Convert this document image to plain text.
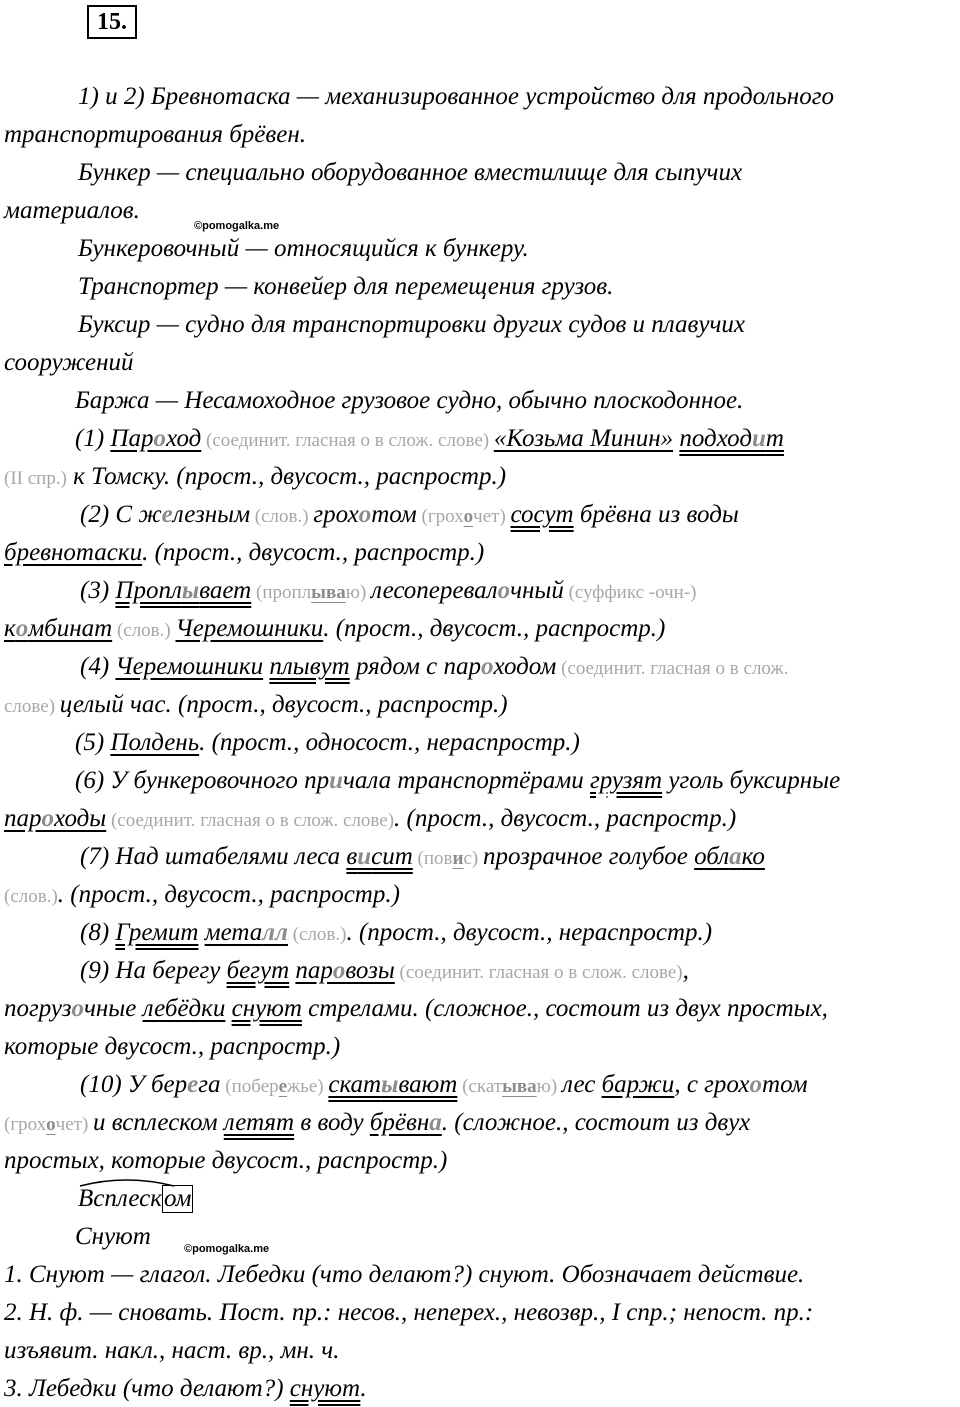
15.
1) и 2) Бревнотаска — механизированное устройство для продольного
транспортирования брёвен.
Бункер — специально оборудованное вместилище для сыпучих
материалов.
©pomogalka.me
Бункеровочный — относящийся к бункеру.
Транспортер — конвейер для перемещения грузов.
Буксир — судно для транспортировки других судов и плавучих
сооружений
Баржа — Несамоходное грузовое судно, обычно плоскодонное.
(1) Пароход (соединит. гласная о в слож. слове) «Козьма Минин» подходит
(II спр.) к Томску. (прост., двусост., распростр.)
(2) С железным (слов.) грохотом (грохочет) сосут брёвна из воды
бревнотаски. (прост., двусост., распростр.)
(3) Проплывает (проплываю) лесоперевалочный (суффикс -очн-)
комбинат (слов.) Черемошники. (прост., двусост., распростр.)
(4) Черемошники плывут рядом с пароходом (соединит. гласная о в слож.
слове) целый час. (прост., двусост., распростр.)
(5) Полдень. (прост., односост., нераспростр.)
(6) У бункеровочного причала транспортёрами грузят уголь буксирные
пароходы (соединит. гласная о в слож. слове). (прост., двусост., распростр.)
(7) Над штабелями леса висит (повис) прозрачное голубое облако
(слов.). (прост., двусост., распростр.)
(8) Гремит металл (слов.). (прост., двусост., нераспростр.)
(9) На берегу бегут паровозы (соединит. гласная о в слож. слове),
погрузочные лебёдки снуют стрелами. (сложное., состоит из двух простых,
которые двусост., распростр.)
(10) У берега (побережье) скатывают (скатываю) лес баржи, с грохотом
(грохочет) и всплеском летят в воду брёвна. (сложное., состоит из двух
простых, которые двусост., распростр.)
Всплеском
Снуют	©pomogalka.me
1. Снуют — глагол. Лебедки (что делают?) снуют. Обозначает действие.
2. Н. ф. — сновать. Пост. пр.: несов., неперех., невозвр., I спр.; непост. пр.:
изъявит. накл., наст. вр., мн. ч.
3. Лебедки (что делают?) снуют.
